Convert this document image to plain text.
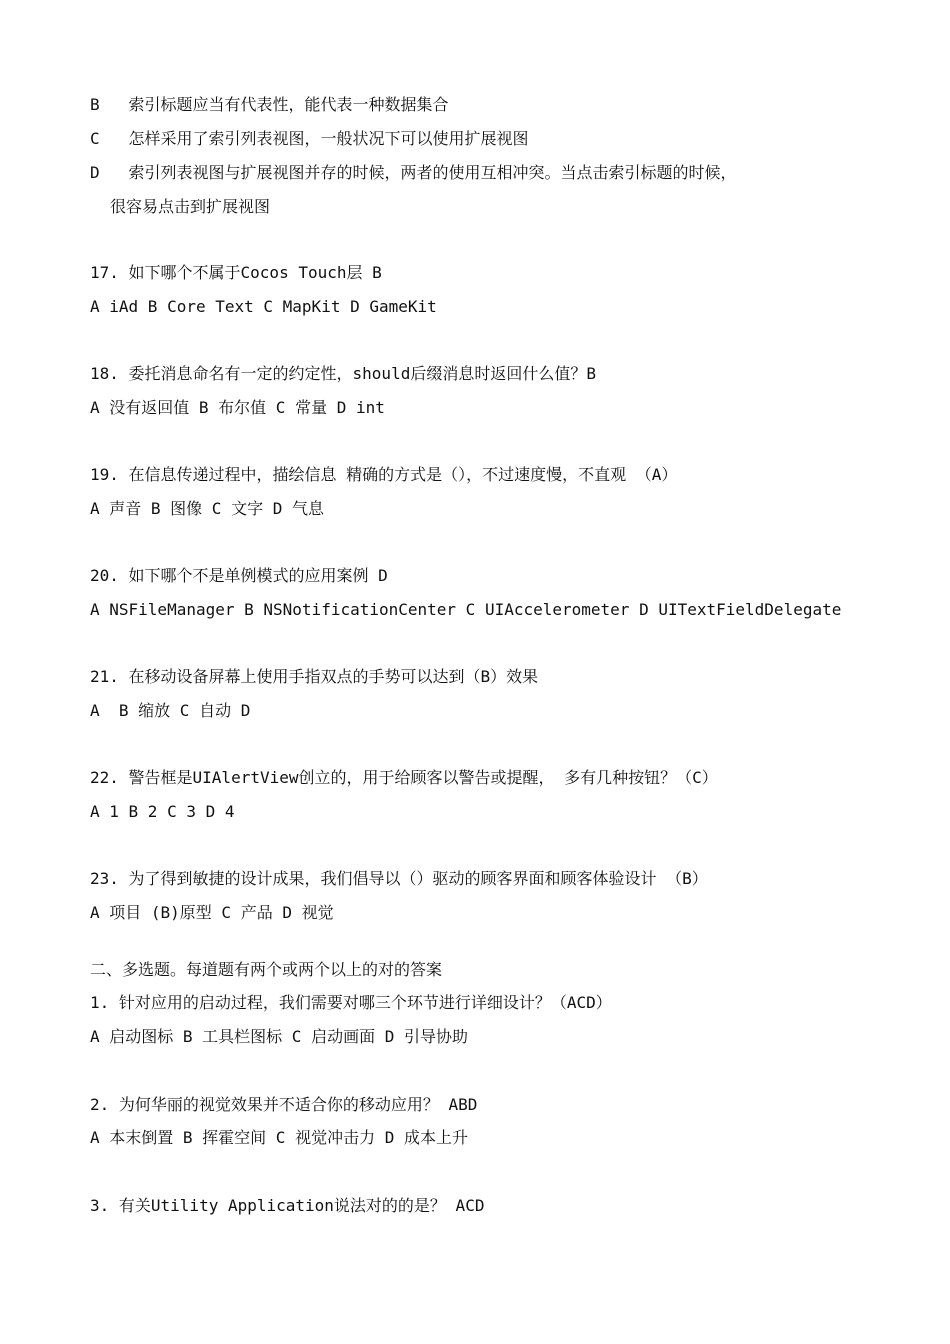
B   索引标题应当有代表性，能代表一种数据集合
C   怎样采用了索引列表视图，一般状况下可以使用扩展视图
D   索引列表视图与扩展视图并存的时候，两者的使用互相冲突。当点击索引标题的时候，
很容易点击到扩展视图
17. 如下哪个不属于Cocos Touch层 B
A iAd B Core Text C MapKit D GameKit
18. 委托消息命名有一定的约定性，should后缀消息时返回什么值？B
A 没有返回值 B 布尔值 C 常量 D int
19. 在信息传递过程中，描绘信息 精确的方式是（），不过速度慢，不直观 （A）
A 声音 B 图像 C 文字 D 气息
20. 如下哪个不是单例模式的应用案例 D
A NSFileManager B NSNotificationCenter C UIAccelerometer D UITextFieldDelegate
21. 在移动设备屏幕上使用手指双点的手势可以达到（B）效果
A  B 缩放 C 自动 D
22. 警告框是UIAlertView创立的，用于给顾客以警告或提醒， 多有几种按钮？（C）
A 1 B 2 C 3 D 4
23. 为了得到敏捷的设计成果，我们倡导以（）驱动的顾客界面和顾客体验设计 （B）
A 项目 (B)原型 C 产品 D 视觉
二、多选题。每道题有两个或两个以上的对的答案
1. 针对应用的启动过程，我们需要对哪三个环节进行详细设计？（ACD）
A 启动图标 B 工具栏图标 C 启动画面 D 引导协助
2. 为何华丽的视觉效果并不适合你的移动应用？ ABD
A 本末倒置 B 挥霍空间 C 视觉冲击力 D 成本上升
3. 有关Utility Application说法对的的是？ ACD
